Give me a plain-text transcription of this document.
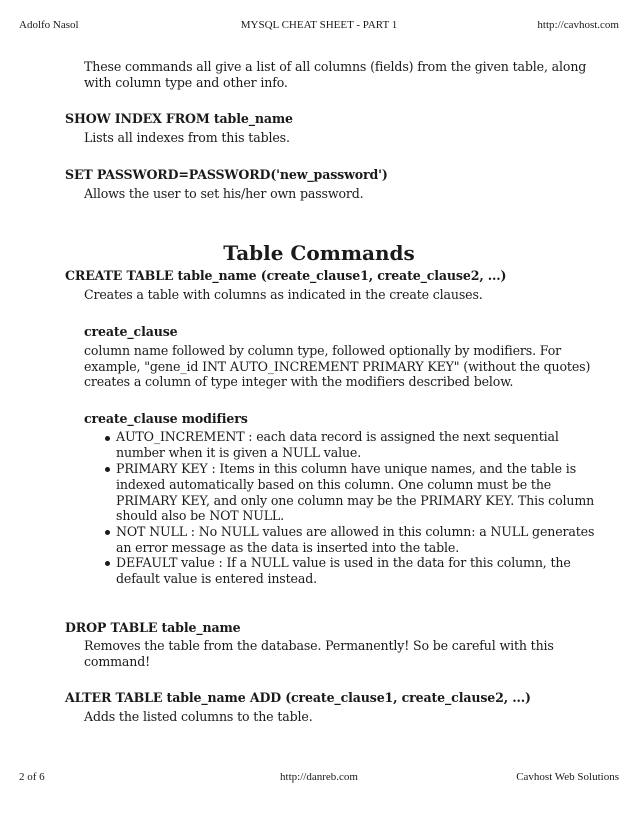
Adolfo Nasol	MYSQL CHEAT SHEET - PART 1	http://cavhost.com
These commands all give a list of all columns (fields) from the given table, along
with column type and other info.
SHOW INDEX FROM table_name
Lists all indexes from this tables.
SET PASSWORD=PASSWORD('new_password')
Allows the user to set his/her own password.
Table Commands
CREATE TABLE table_name (create_clause1, create_clause2, ...)
Creates a table with columns as indicated in the create clauses.
create_clause
column name followed by column type, followed optionally by modifiers. For
example, "gene_id INT AUTO_INCREMENT PRIMARY KEY" (without the quotes)
creates a column of type integer with the modifiers described below.
create_clause modifiers
AUTO_INCREMENT : each data record is assigned the next sequential
number when it is given a NULL value.
PRIMARY KEY : Items in this column have unique names, and the table is
indexed automatically based on this column. One column must be the
PRIMARY KEY, and only one column may be the PRIMARY KEY. This column
should also be NOT NULL.
NOT NULL : No NULL values are allowed in this column: a NULL generates
an error message as the data is inserted into the table.
DEFAULT value : If a NULL value is used in the data for this column, the
default value is entered instead.
DROP TABLE table_name
Removes the table from the database. Permanently! So be careful with this
command!
ALTER TABLE table_name ADD (create_clause1, create_clause2, ...)
Adds the listed columns to the table.
2 of 6	http://danreb.com	Cavhost Web Solutions
